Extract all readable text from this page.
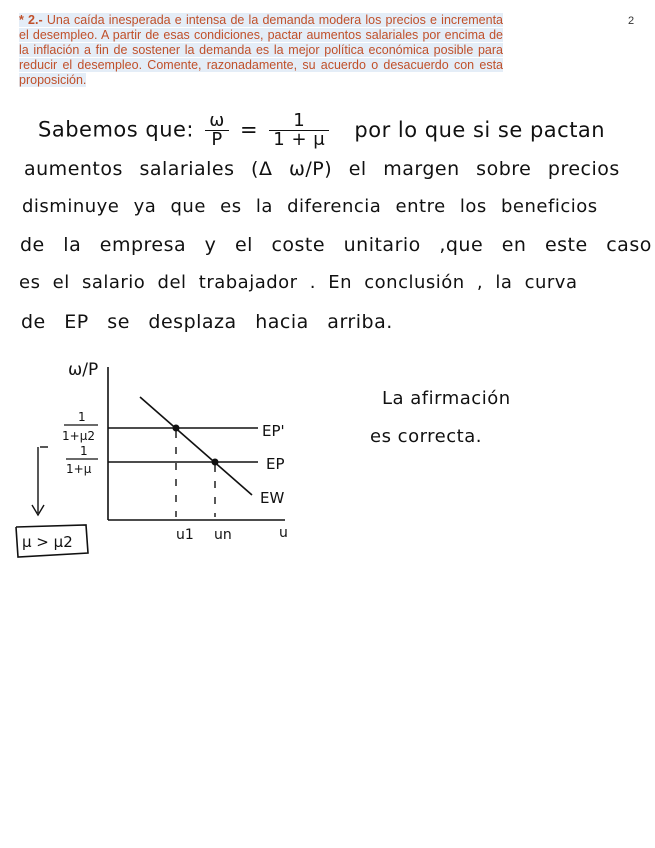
2
* 2.- Una caída inesperada e intensa de la demanda modera los precios e incrementa el desempleo. A partir de esas condiciones, pactar aumentos salariales por encima de la inflación a fin de sostener la demanda es la mejor política económica posible para reducir el desempleo. Comente, razonadamente, su acuerdo o desacuerdo con esta proposición.
Sabemos que: $\frac{\omega}{P} = \frac{1}{1 + \mu}$ por lo que si se pactan
aumentos salariales (Δ ω/P) el margen sobre precios
disminuye ya que es la diferencia entre los beneficios
de la empresa y el coste unitario ,que en este caso
es el salario del trabajador . En conclusión , la curva
de EP se desplaza hacia arriba.
ω/P
u
1
1+μ2
1
1+μ
μ > μ2
EP'
EP
EW
u1 un
La afirmación
es correcta.
